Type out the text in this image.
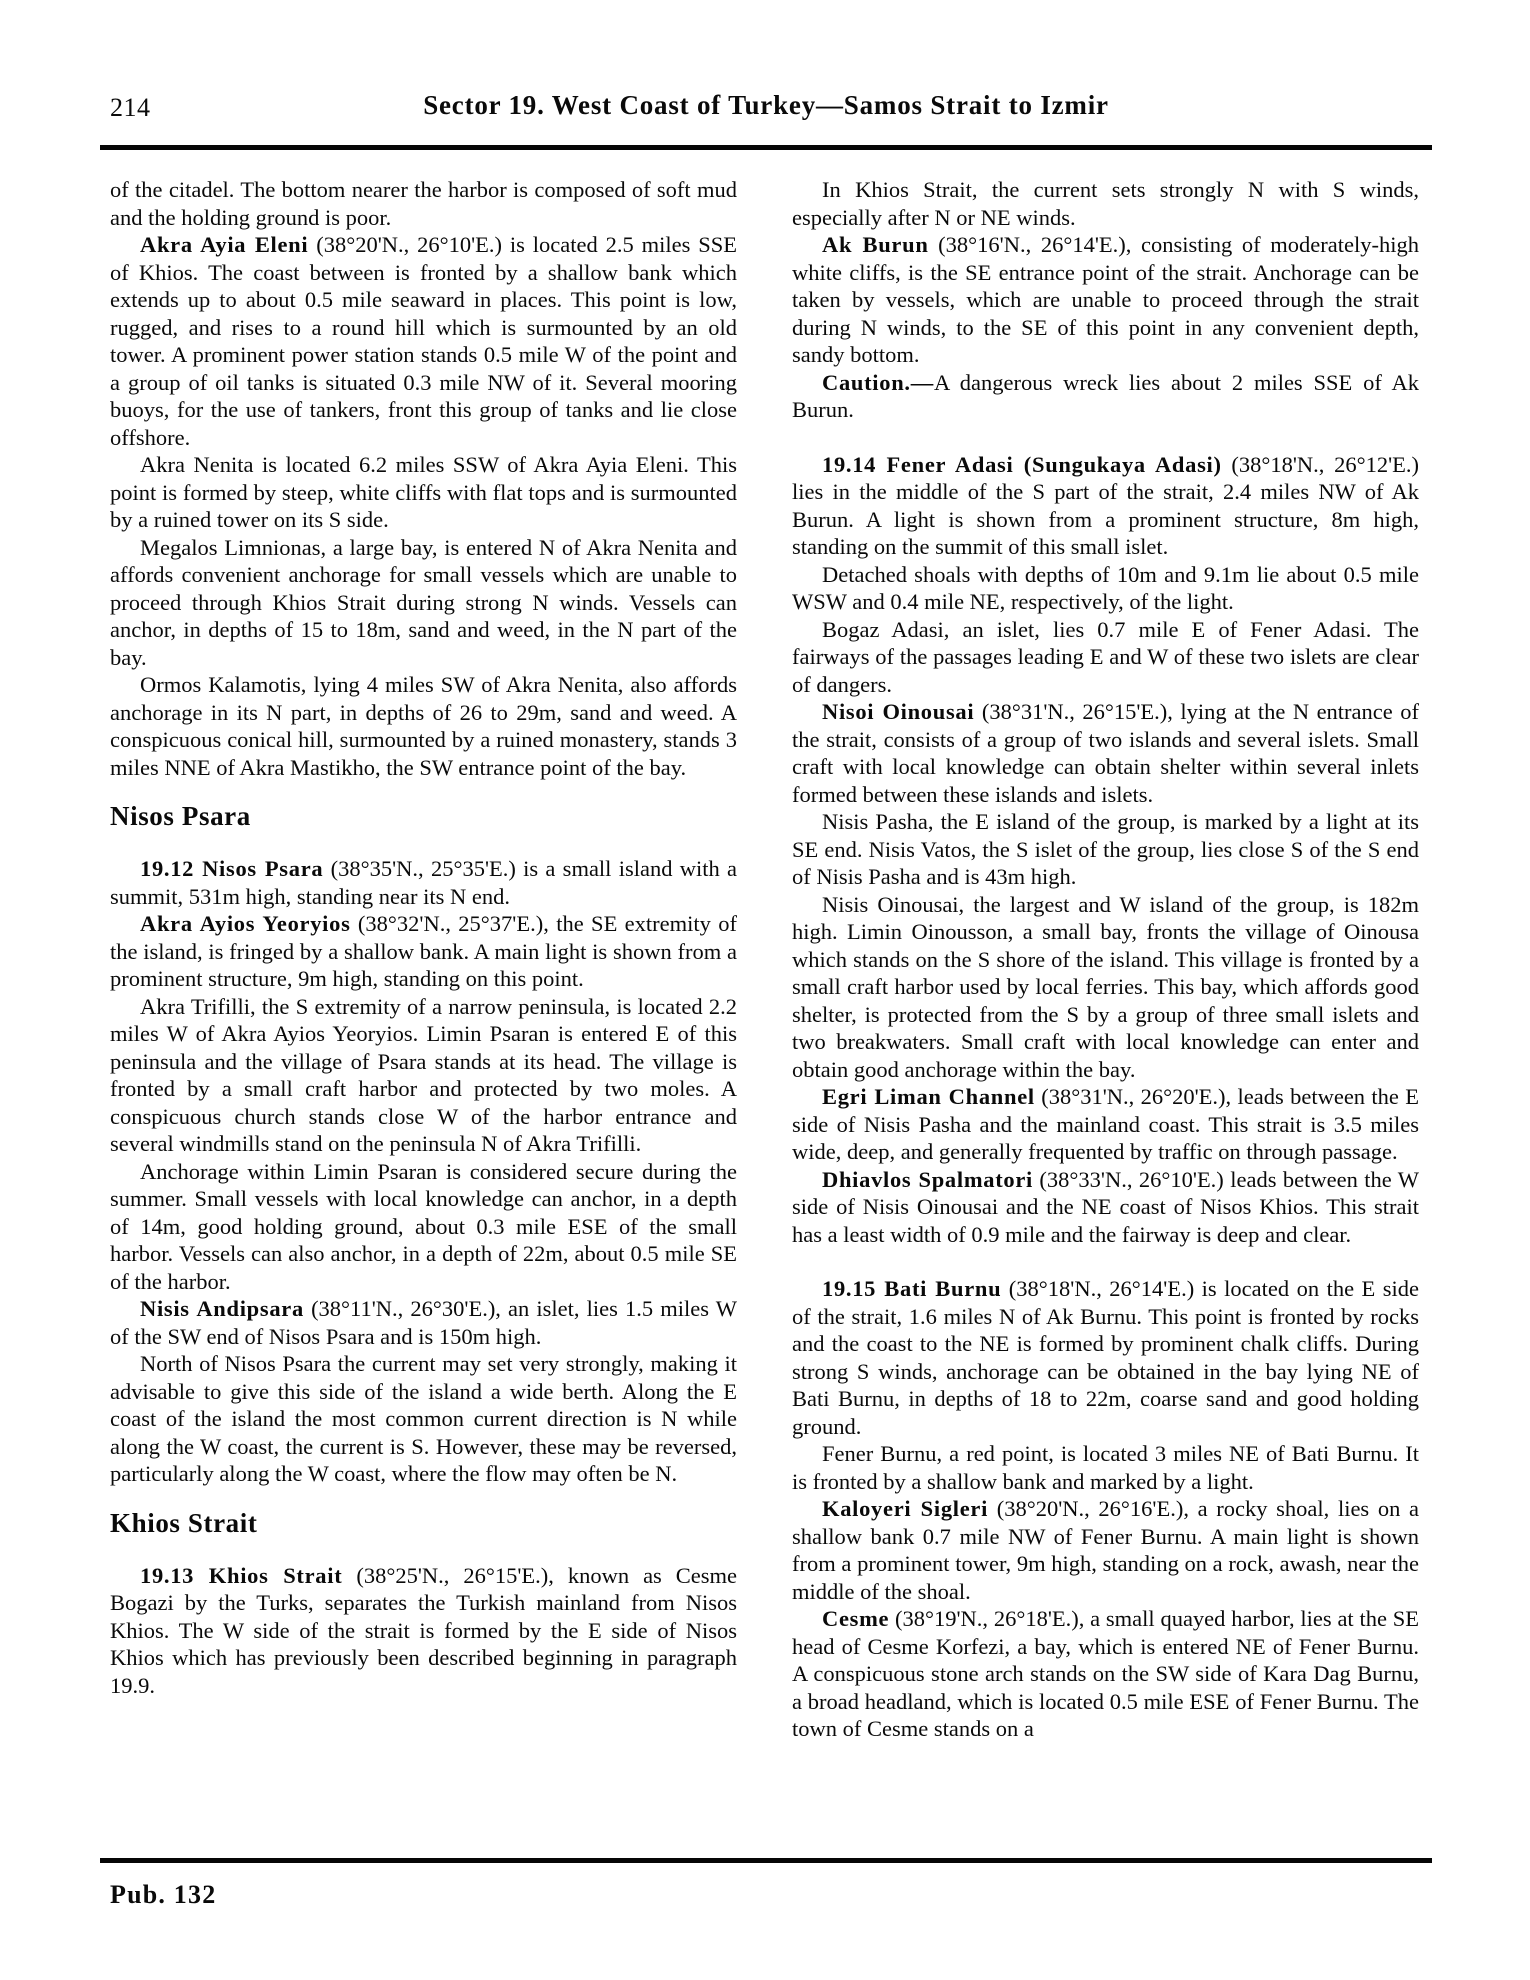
214	Sector 19. West Coast of Turkey—Samos Strait to Izmir

of the citadel. The bottom nearer the harbor is composed of soft mud and the holding ground is poor.

Akra Ayia Eleni (38°20'N., 26°10'E.) is located 2.5 miles SSE of Khios. The coast between is fronted by a shallow bank which extends up to about 0.5 mile seaward in places. This point is low, rugged, and rises to a round hill which is surmounted by an old tower. A prominent power station stands 0.5 mile W of the point and a group of oil tanks is situated 0.3 mile NW of it. Several mooring buoys, for the use of tankers, front this group of tanks and lie close offshore.

Akra Nenita is located 6.2 miles SSW of Akra Ayia Eleni. This point is formed by steep, white cliffs with flat tops and is surmounted by a ruined tower on its S side.

Megalos Limnionas, a large bay, is entered N of Akra Nenita and affords convenient anchorage for small vessels which are unable to proceed through Khios Strait during strong N winds. Vessels can anchor, in depths of 15 to 18m, sand and weed, in the N part of the bay.

Ormos Kalamotis, lying 4 miles SW of Akra Nenita, also affords anchorage in its N part, in depths of 26 to 29m, sand and weed. A conspicuous conical hill, surmounted by a ruined monastery, stands 3 miles NNE of Akra Mastikho, the SW entrance point of the bay.

Nisos Psara

19.12 Nisos Psara (38°35'N., 25°35'E.) is a small island with a summit, 531m high, standing near its N end.

Akra Ayios Yeoryios (38°32'N., 25°37'E.), the SE extremity of the island, is fringed by a shallow bank. A main light is shown from a prominent structure, 9m high, standing on this point.

Akra Trifilli, the S extremity of a narrow peninsula, is located 2.2 miles W of Akra Ayios Yeoryios. Limin Psaran is entered E of this peninsula and the village of Psara stands at its head. The village is fronted by a small craft harbor and protected by two moles. A conspicuous church stands close W of the harbor entrance and several windmills stand on the peninsula N of Akra Trifilli.

Anchorage within Limin Psaran is considered secure during the summer. Small vessels with local knowledge can anchor, in a depth of 14m, good holding ground, about 0.3 mile ESE of the small harbor. Vessels can also anchor, in a depth of 22m, about 0.5 mile SE of the harbor.

Nisis Andipsara (38°11'N., 26°30'E.), an islet, lies 1.5 miles W of the SW end of Nisos Psara and is 150m high.

North of Nisos Psara the current may set very strongly, making it advisable to give this side of the island a wide berth. Along the E coast of the island the most common current direction is N while along the W coast, the current is S. However, these may be reversed, particularly along the W coast, where the flow may often be N.

Khios Strait

19.13 Khios Strait (38°25'N., 26°15'E.), known as Cesme Bogazi by the Turks, separates the Turkish mainland from Nisos Khios. The W side of the strait is formed by the E side of Nisos Khios which has previously been described beginning in paragraph 19.9.

In Khios Strait, the current sets strongly N with S winds, especially after N or NE winds.

Ak Burun (38°16'N., 26°14'E.), consisting of moderately-high white cliffs, is the SE entrance point of the strait. Anchorage can be taken by vessels, which are unable to proceed through the strait during N winds, to the SE of this point in any convenient depth, sandy bottom.

Caution.—A dangerous wreck lies about 2 miles SSE of Ak Burun.

19.14 Fener Adasi (Sungukaya Adasi) (38°18'N., 26°12'E.) lies in the middle of the S part of the strait, 2.4 miles NW of Ak Burun. A light is shown from a prominent structure, 8m high, standing on the summit of this small islet.

Detached shoals with depths of 10m and 9.1m lie about 0.5 mile WSW and 0.4 mile NE, respectively, of the light.

Bogaz Adasi, an islet, lies 0.7 mile E of Fener Adasi. The fairways of the passages leading E and W of these two islets are clear of dangers.

Nisoi Oinousai (38°31'N., 26°15'E.), lying at the N entrance of the strait, consists of a group of two islands and several islets. Small craft with local knowledge can obtain shelter within several inlets formed between these islands and islets.

Nisis Pasha, the E island of the group, is marked by a light at its SE end. Nisis Vatos, the S islet of the group, lies close S of the S end of Nisis Pasha and is 43m high.

Nisis Oinousai, the largest and W island of the group, is 182m high. Limin Oinousson, a small bay, fronts the village of Oinousa which stands on the S shore of the island. This village is fronted by a small craft harbor used by local ferries. This bay, which affords good shelter, is protected from the S by a group of three small islets and two breakwaters. Small craft with local knowledge can enter and obtain good anchorage within the bay.

Egri Liman Channel (38°31'N., 26°20'E.), leads between the E side of Nisis Pasha and the mainland coast. This strait is 3.5 miles wide, deep, and generally frequented by traffic on through passage.

Dhiavlos Spalmatori (38°33'N., 26°10'E.) leads between the W side of Nisis Oinousai and the NE coast of Nisos Khios. This strait has a least width of 0.9 mile and the fairway is deep and clear.

19.15 Bati Burnu (38°18'N., 26°14'E.) is located on the E side of the strait, 1.6 miles N of Ak Burnu. This point is fronted by rocks and the coast to the NE is formed by prominent chalk cliffs. During strong S winds, anchorage can be obtained in the bay lying NE of Bati Burnu, in depths of 18 to 22m, coarse sand and good holding ground.

Fener Burnu, a red point, is located 3 miles NE of Bati Burnu. It is fronted by a shallow bank and marked by a light.

Kaloyeri Sigleri (38°20'N., 26°16'E.), a rocky shoal, lies on a shallow bank 0.7 mile NW of Fener Burnu. A main light is shown from a prominent tower, 9m high, standing on a rock, awash, near the middle of the shoal.

Cesme (38°19'N., 26°18'E.), a small quayed harbor, lies at the SE head of Cesme Korfezi, a bay, which is entered NE of Fener Burnu. A conspicuous stone arch stands on the SW side of Kara Dag Burnu, a broad headland, which is located 0.5 mile ESE of Fener Burnu. The town of Cesme stands on a

Pub. 132
